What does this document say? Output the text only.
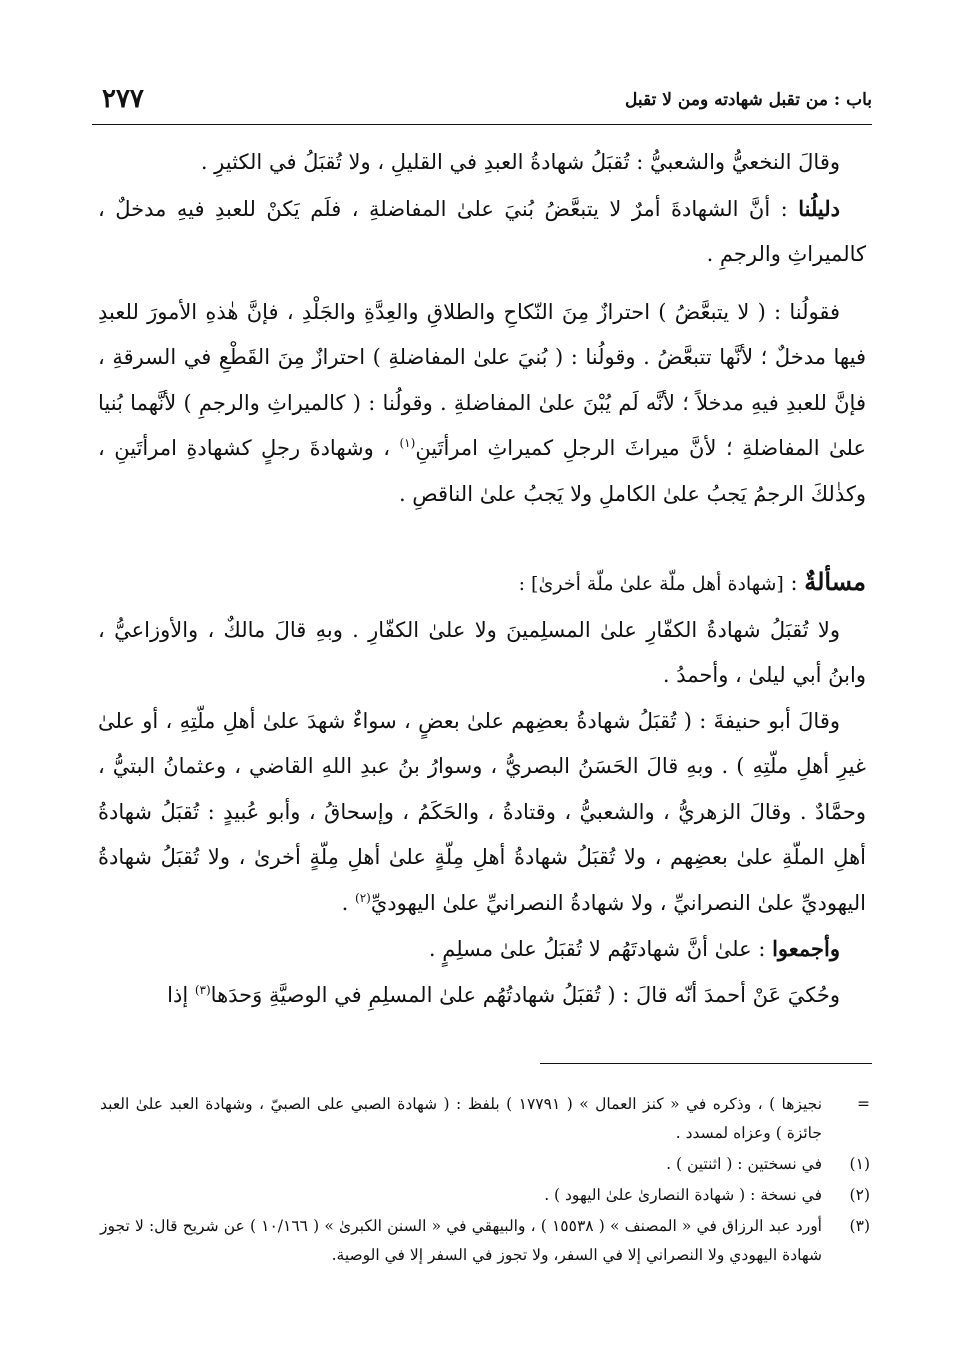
باب : من تقبل شهادته ومن لا تقبل
٢٧٧

وقالَ النخعيُّ والشعبيُّ : تُقبَلُ شهادةُ العبدِ في القليلِ ، ولا تُقبَلُ في الكثيرِ .

دليلُنا : أنَّ الشهادةَ أمرٌ لا يتبعَّضُ بُنيَ علىٰ المفاضلةِ ، فلَم يَكنْ للعبدِ فيهِ مدخلٌ ، كالميراثِ والرجمِ .

فقولُنا : ( لا يتبعَّضُ ) احترازٌ مِنَ النّكاحِ والطلاقِ والعِدَّةِ والجَلْدِ ، فإنَّ هٰذهِ الأمورَ للعبدِ فيها مدخلٌ ؛ لأنَّها تتبعَّضُ . وقولُنا : ( بُنيَ علىٰ المفاضلةِ ) احترازٌ مِنَ القَطْعِ في السرقةِ ، فإنَّ للعبدِ فيهِ مدخلاً ؛ لأنَّه لَم يُبْنَ علىٰ المفاضلةِ . وقولُنا : ( كالميراثِ والرجمِ ) لأنَّهما بُنيا علىٰ المفاضلةِ ؛ لأنَّ ميراثَ الرجلِ كميراثِ امرأتَينِ$^{(١)}$ ، وشهادةَ رجلٍ كشهادةِ امرأتَينِ ، وكذٰلكَ الرجمُ يَجبُ علىٰ الكاملِ ولا يَجبُ علىٰ الناقصِ .

مسألةٌ : [شهادة أهل ملّة علىٰ ملّة أخرىٰ] :

ولا تُقبَلُ شهادةُ الكفّارِ علىٰ المسلِمينَ ولا علىٰ الكفّارِ . وبهِ قالَ مالكٌ ، والأوزاعيُّ ، وابنُ أبي ليلىٰ ، وأحمدُ .

وقالَ أبو حنيفةَ : ( تُقبَلُ شهادةُ بعضِهم علىٰ بعضٍ ، سواءٌ شهدَ علىٰ أهلِ ملّتِهِ ، أو علىٰ غيرِ أهلِ ملّتِهِ ) . وبهِ قالَ الحَسَنُ البصريُّ ، وسوارُ بنُ عبدِ اللهِ القاضي ، وعثمانُ البتيُّ ، وحمَّادٌ . وقالَ الزهريُّ ، والشعبيُّ ، وقتادةُ ، والحَكَمُ ، وإسحاقُ ، وأبو عُبيدٍ : تُقبَلُ شهادةُ أهلِ الملّةِ علىٰ بعضِهم ، ولا تُقبَلُ شهادةُ أهلِ مِلّةٍ علىٰ أهلِ مِلّةٍ أخرىٰ ، ولا تُقبَلُ شهادةُ اليهوديِّ علىٰ النصرانيِّ ، ولا شهادةُ النصرانيِّ علىٰ اليهوديِّ$^{(٢)}$ .

وأجمعوا : علىٰ أنَّ شهادتَهُم لا تُقبَلُ علىٰ مسلِمٍ .

وحُكيَ عَنْ أحمدَ أنّه قالَ : ( تُقبَلُ شهادتُهُم علىٰ المسلِمِ في الوصيَّةِ وَحدَها$^{(٣)}$ إذا

=
نجيزها ) ، وذكره في « كنز العمال » ( ١٧٧٩١ ) بلفظ : ( شهادة الصبي على الصبيّ ، وشهادة العبد علىٰ العبد جائزة ) وعزاه لمسدد .
(١)
في نسختين : ( اثنتين ) .
(٢)
في نسخة : ( شهادة النصارىٰ علىٰ اليهود ) .
(٣)
أورد عبد الرزاق في « المصنف » ( ١٥٥٣٨ ) ، والبيهقي في « السنن الكبرىٰ » ( ١٠/١٦٦ ) عن شريح قال: لا تجوز شهادة اليهودي ولا النصراني إلا في السفر، ولا تجوز في السفر إلا في الوصية.
